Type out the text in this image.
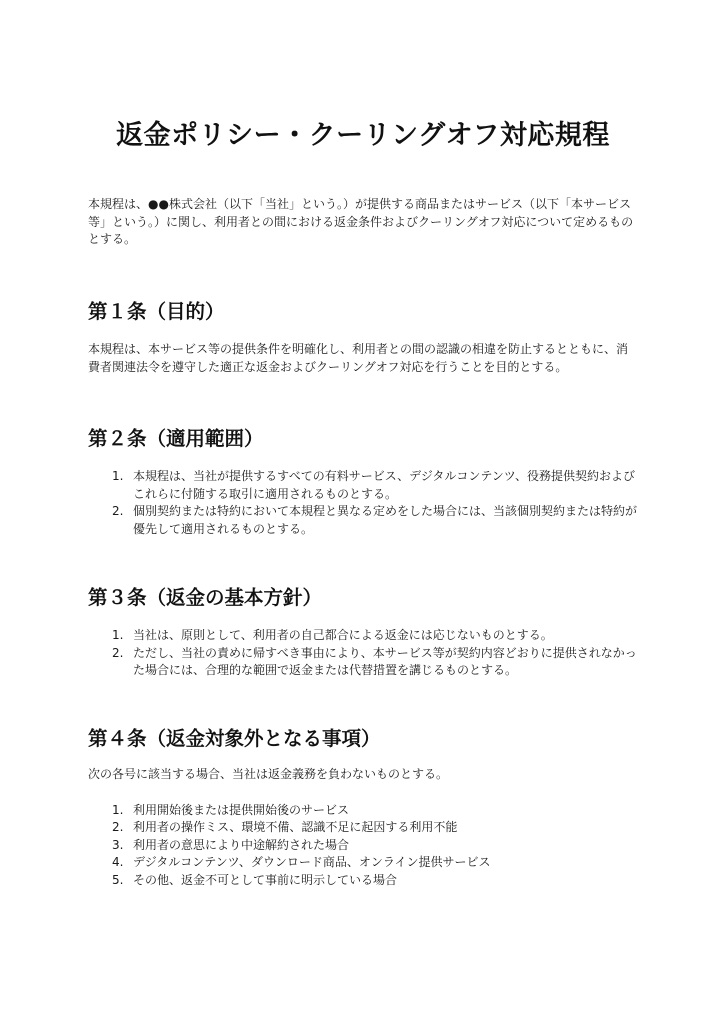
返金ポリシー・クーリングオフ対応規程

本規程は、●●株式会社（以下「当社」という。）が提供する商品またはサービス（以下「本サービス等」という。）に関し、利用者との間における返金条件およびクーリングオフ対応について定めるものとする。

第１条（目的）

本規程は、本サービス等の提供条件を明確化し、利用者との間の認識の相違を防止するとともに、消費者関連法令を遵守した適正な返金およびクーリングオフ対応を行うことを目的とする。

第２条（適用範囲）
1. 本規程は、当社が提供するすべての有料サービス、デジタルコンテンツ、役務提供契約およびこれらに付随する取引に適用されるものとする。
2. 個別契約または特約において本規程と異なる定めをした場合には、当該個別契約または特約が優先して適用されるものとする。
第３条（返金の基本方針）
1. 当社は、原則として、利用者の自己都合による返金には応じないものとする。
2. ただし、当社の責めに帰すべき事由により、本サービス等が契約内容どおりに提供されなかった場合には、合理的な範囲で返金または代替措置を講じるものとする。
第４条（返金対象外となる事項）

次の各号に該当する場合、当社は返金義務を負わないものとする。

1. 利用開始後または提供開始後のサービス
2. 利用者の操作ミス、環境不備、認識不足に起因する利用不能
3. 利用者の意思により中途解約された場合
4. デジタルコンテンツ、ダウンロード商品、オンライン提供サービス
5. その他、返金不可として事前に明示している場合
